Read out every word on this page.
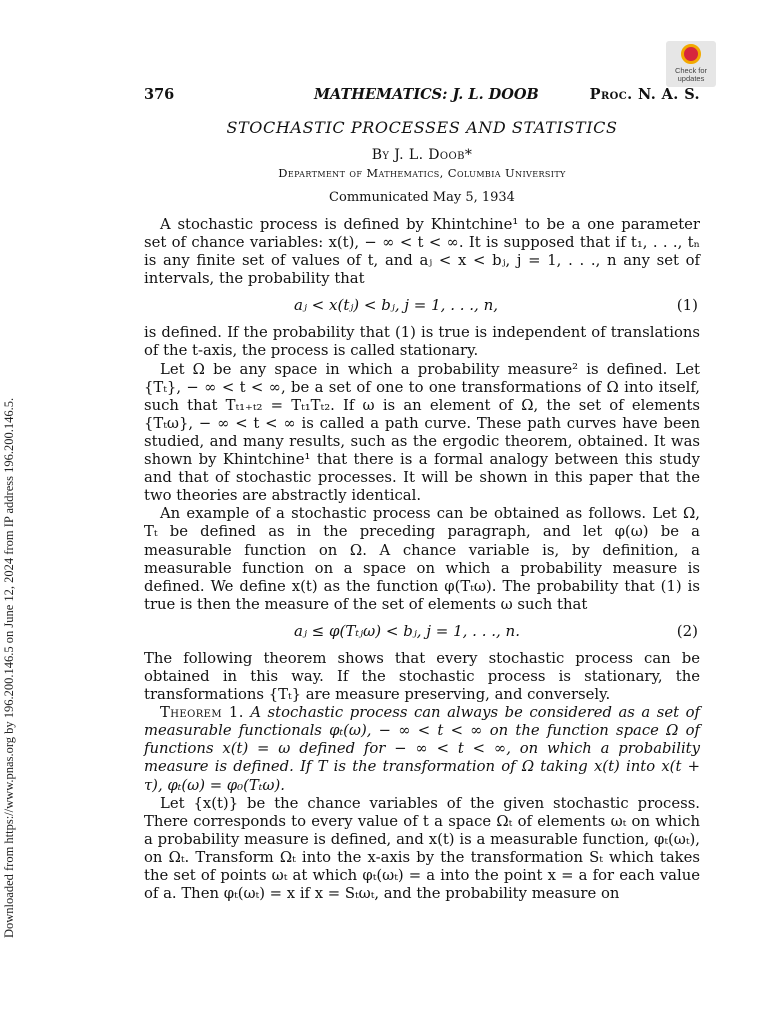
Downloaded from https://www.pnas.org by 196.200.146.5 on June 12, 2024 from IP address 196.200.146.5.
Check for updates
376	MATHEMATICS: J. L. DOOB	Proc. N. A. S.
STOCHASTIC PROCESSES AND STATISTICS
By J. L. Doob*
Department of Mathematics, Columbia University
Communicated May 5, 1934

A stochastic process is defined by Khintchine¹ to be a one parameter set of chance variables: x(t), − ∞ < t < ∞. It is supposed that if t₁, . . ., tₙ is any finite set of values of t, and aⱼ < x < bⱼ, j = 1, . . ., n any set of intervals, the probability that

aⱼ < x(tⱼ) < bⱼ, j = 1, . . ., n,	(1)

is defined. If the probability that (1) is true is independent of translations of the t-axis, the process is called stationary.

Let Ω be any space in which a probability measure² is defined. Let {Tₜ}, − ∞ < t < ∞, be a set of one to one transformations of Ω into itself, such that Tₜ₁₊ₜ₂ = Tₜ₁Tₜ₂. If ω is an element of Ω, the set of elements {Tₜω}, − ∞ < t < ∞ is called a path curve. These path curves have been studied, and many results, such as the ergodic theorem, obtained. It was shown by Khintchine¹ that there is a formal analogy between this study and that of stochastic processes. It will be shown in this paper that the two theories are abstractly identical.

An example of a stochastic process can be obtained as follows. Let Ω, Tₜ be defined as in the preceding paragraph, and let φ(ω) be a measurable function on Ω. A chance variable is, by definition, a measurable function on a space on which a probability measure is defined. We define x(t) as the function φ(Tₜω). The probability that (1) is true is then the measure of the set of elements ω such that

aⱼ ≤ φ(Tₜⱼω) < bⱼ, j = 1, . . ., n.	(2)

The following theorem shows that every stochastic process can be obtained in this way. If the stochastic process is stationary, the transformations {Tₜ} are measure preserving, and conversely.

Theorem 1. A stochastic process can always be considered as a set of measurable functionals φₜ(ω), − ∞ < t < ∞ on the function space Ω of functions x(t) = ω defined for − ∞ < t < ∞, on which a probability measure is defined. If T is the transformation of Ω taking x(t) into x(t + τ), φₜ(ω) = φ₀(Tₜω).

Let {x(t)} be the chance variables of the given stochastic process. There corresponds to every value of t a space Ωₜ of elements ωₜ on which a probability measure is defined, and x(t) is a measurable function, φₜ(ωₜ), on Ωₜ. Transform Ωₜ into the x-axis by the transformation Sₜ which takes the set of points ωₜ at which φₜ(ωₜ) = a into the point x = a for each value of a. Then φₜ(ωₜ) = x if x = Sₜωₜ, and the probability measure on
